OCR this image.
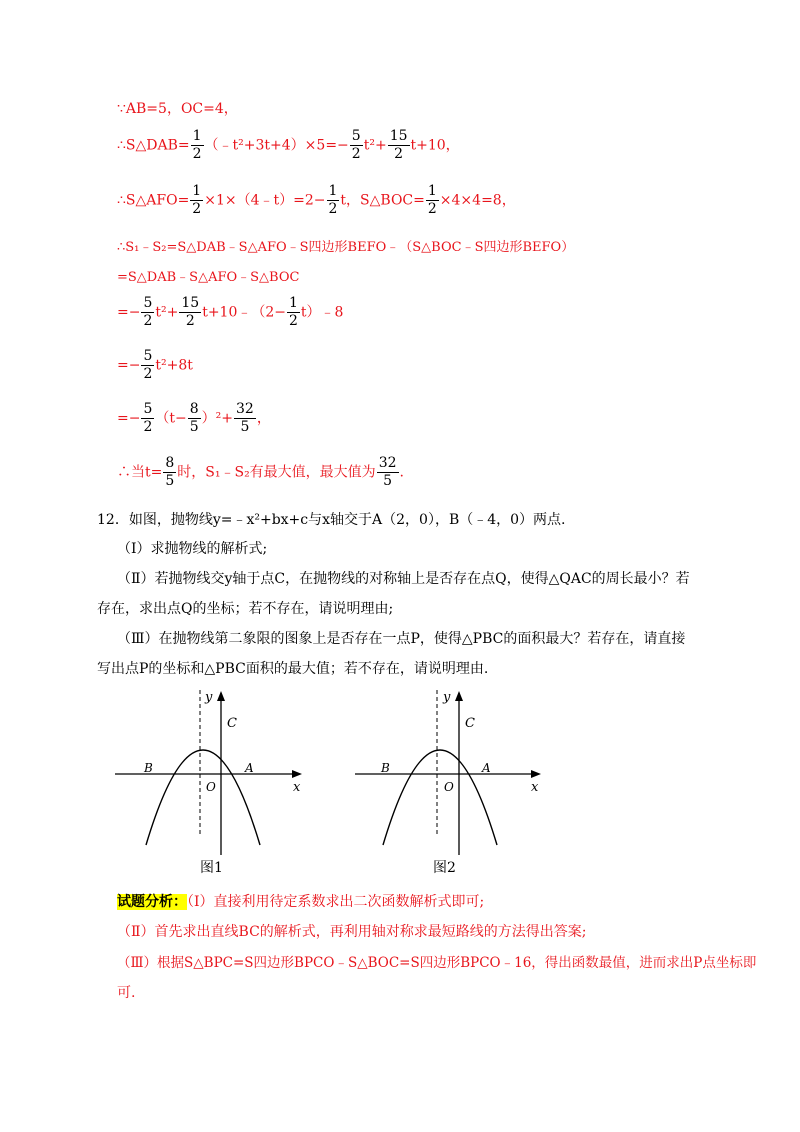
∵AB=5，OC=4，
∴S△DAB= $\frac{1}{2}$ （﹣t²+3t+4）×5=− $\frac{5}{2} t^2+ \frac{15}{2} t+10$，
∴S△AFO= $\frac{1}{2}$ ×1×（4﹣t）=2− $\frac{1}{2}$ t，S△BOC= $\frac{1}{2} \times 4\times 4=8$，
∴S₁﹣S₂=S△DAB﹣S△AFO﹣S四边形BEFO﹣（S△BOC﹣S四边形BEFO）
=S△DAB﹣S△AFO﹣S△BOC
=− $\frac{5}{2} t^2+ \frac{15}{2}$ t+10﹣（2− $\frac{1}{2}$ t）﹣8
=− $\frac{5}{2} t^2+8t$
=− $\frac{5}{2} (t- \frac{8}{5} )^2+ \frac{32}{5}$ ，
∴当$t= \frac{8}{5}$ 时，S₁﹣S₂有最大值，最大值为 $\frac{32}{5}$ .
12．如图，抛物线y=﹣x²+bx+c与x轴交于A（2，0），B（﹣4，0）两点.
（Ⅰ）求抛物线的解析式;
（Ⅱ）若抛物线交y轴于点C，在抛物线的对称轴上是否存在点Q，使得△QAC的周长最小？若
存在，求出点Q的坐标；若不存在，请说明理由;
（Ⅲ）在抛物线第二象限的图象上是否存在一点P，使得△PBC的面积最大？若存在，请直接
写出点P的坐标和△PBC面积的最大值；若不存在，请说明理由.
y
C
B	A
O	x
图1
y
C
B	A
O	x
图2
试题分析：（Ⅰ）直接利用待定系数求出二次函数解析式即可;
（Ⅱ）首先求出直线BC的解析式，再利用轴对称求最短路线的方法得出答案;
（Ⅲ）根据S△BPC=S四边形BPCO﹣S△BOC=S四边形BPCO﹣16，得出函数最值，进而求出P点坐标即
可.
